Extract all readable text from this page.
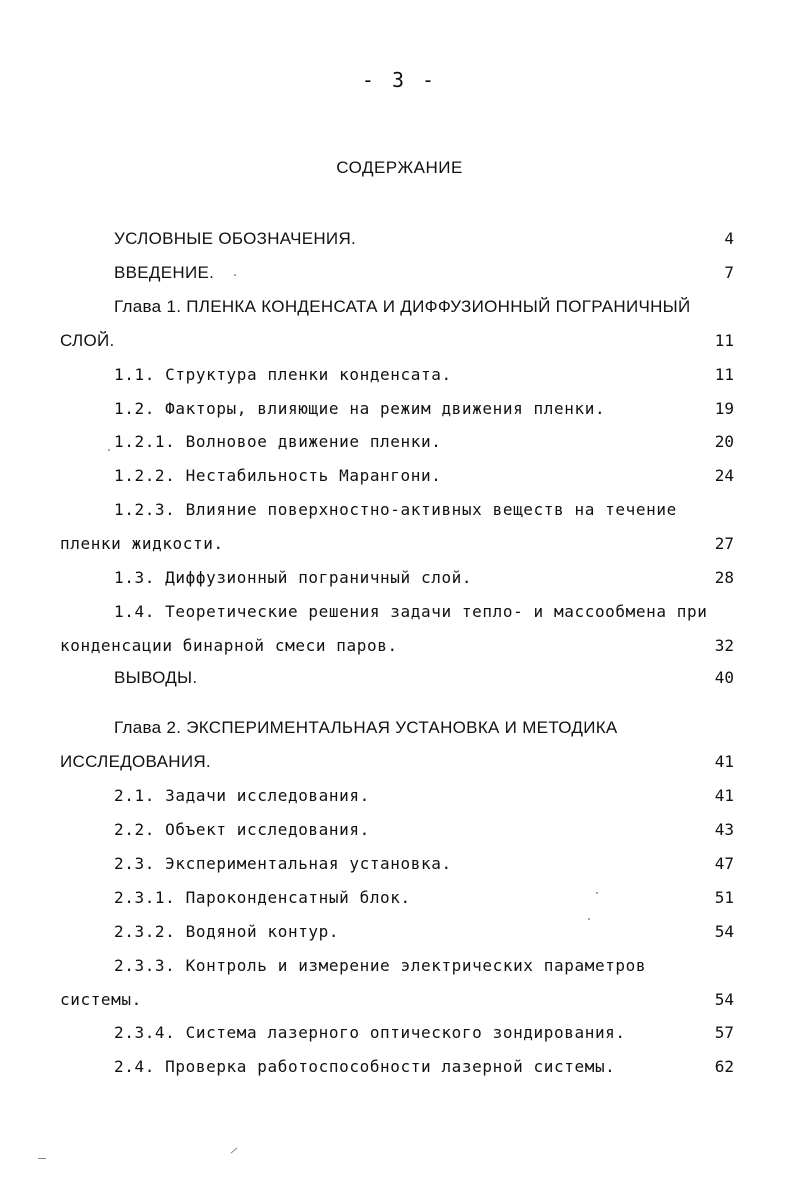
- 3 -
СОДЕРЖАНИЕ
УСЛОВНЫЕ ОБОЗНАЧЕНИЯ.	4
ВВЕДЕНИЕ.	7
Глава 1. ПЛЕНКА КОНДЕНСАТА И ДИФФУЗИОННЫЙ ПОГРАНИЧНЫЙ
СЛОЙ.	11
1.1. Структура пленки конденсата.	11
1.2. Факторы, влияющие на режим движения пленки.	19
1.2.1. Волновое движение пленки.	20
1.2.2. Нестабильность Марангони.	24
1.2.3. Влияние поверхностно-активных веществ на течение
пленки жидкости.	27
1.3. Диффузионный пограничный слой.	28
1.4. Теоретические решения задачи тепло- и массообмена при
конденсации бинарной смеси паров.	32
ВЫВОДЫ.	40
Глава 2. ЭКСПЕРИМЕНТАЛЬНАЯ УСТАНОВКА И МЕТОДИКА
ИССЛЕДОВАНИЯ.	41
2.1. Задачи исследования.	41
2.2. Объект исследования.	43
2.3. Экспериментальная установка.	47
2.3.1. Пароконденсатный блок.	51
2.3.2. Водяной контур.	54
2.3.3. Контроль и измерение электрических параметров
системы.	54
2.3.4. Система лазерного оптического зондирования.	57
2.4. Проверка работоспособности лазерной системы.	62
